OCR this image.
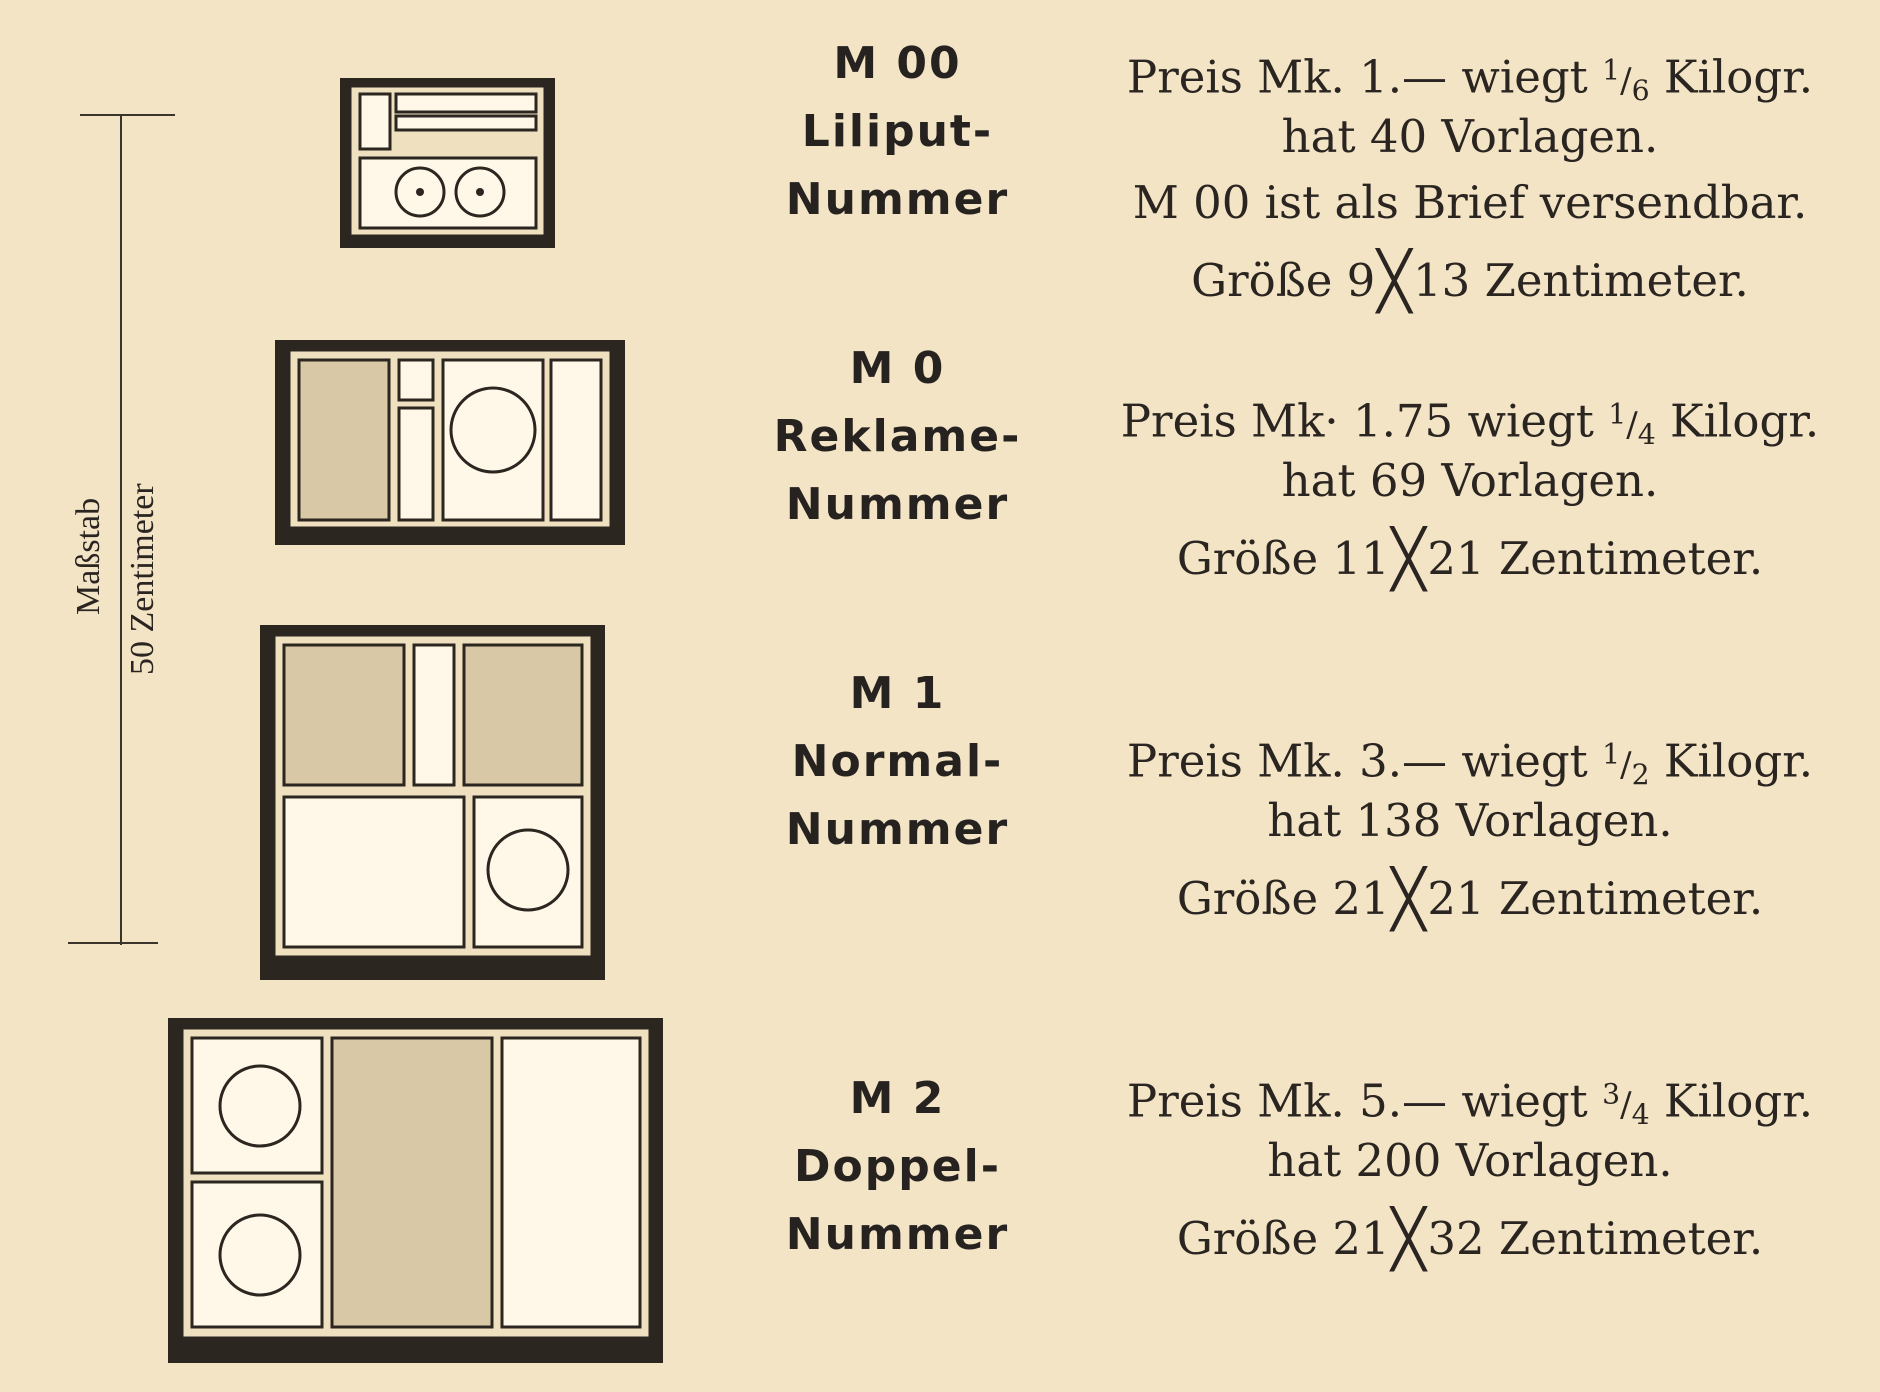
Maßstab 50 Zentimeter
M 00
Liliput-
Nummer
Preis Mk. 1.— wiegt $^1/_6$ Kilogr.
hat 40 Vorlagen.
M 00 ist als Brief versendbar.
Größe 9╳13 Zentimeter.
M 0
Reklame-
Nummer
Preis Mk· 1.75 wiegt $^1/_4$ Kilogr.
hat 69 Vorlagen.
Größe 11╳21 Zentimeter.
M 1
Normal-
Nummer
Preis Mk. 3.— wiegt $^1/_2$ Kilogr.
hat 138 Vorlagen.
Größe 21╳21 Zentimeter.
M 2
Doppel-
Nummer
Preis Mk. 5.— wiegt $^3/_4$ Kilogr.
hat 200 Vorlagen.
Größe 21╳32 Zentimeter.
